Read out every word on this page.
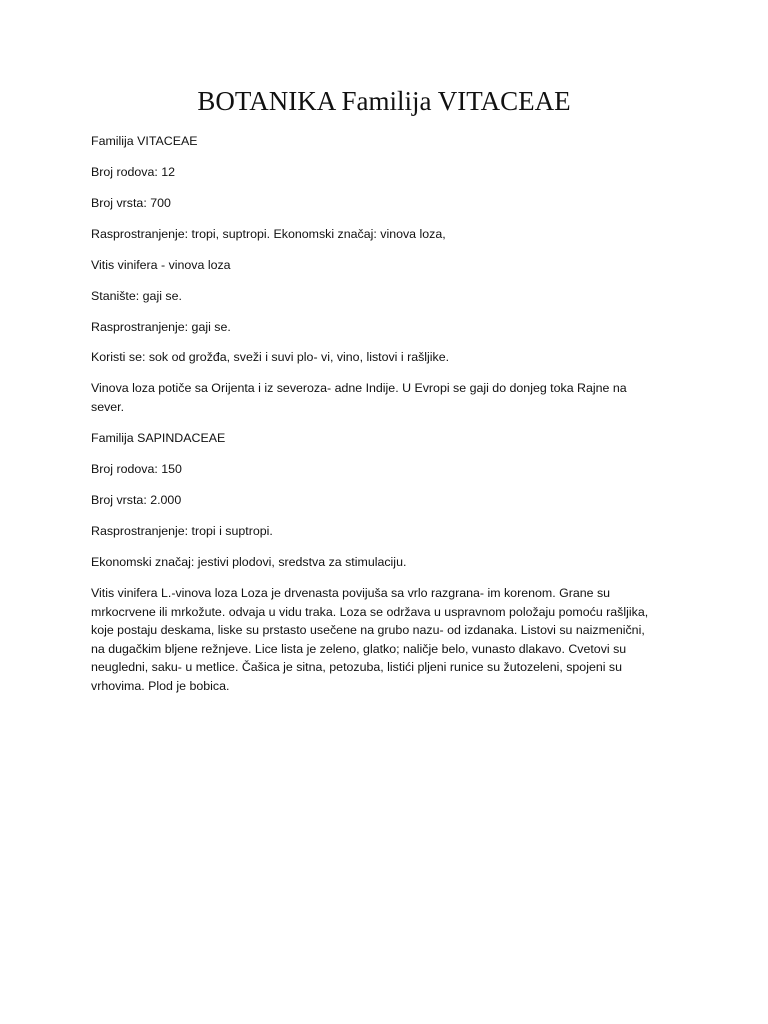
BOTANIKA Familija VITACEAE

Familija VITACEAE

Broj rodova: 12

Broj vrsta: 700

Rasprostranjenje: tropi, suptropi. Ekonomski značaj: vinova loza,

Vitis vinifera - vinova loza

Stanište: gaji se.

Rasprostranjenje: gaji se.

Koristi se: sok od grožđa, sveži i suvi plo- vi, vino, listovi i rašljike.

Vinova loza potiče sa Orijenta i iz severoza- adne Indije. U Evropi se gaji do donjeg toka Rajne na
sever.

Familija SAPINDACEAE

Broj rodova: 150

Broj vrsta: 2.000

Rasprostranjenje: tropi i suptropi.

Ekonomski značaj: jestivi plodovi, sredstva za stimulaciju.

Vitis vinifera L.-vinova loza Loza je drvenasta povijuša sa vrlo razgrana- im korenom. Grane su
mrkocrvene ili mrkožute. odvaja u vidu traka. Loza se održava u uspravnom položaju pomoću rašljika,
koje postaju deskama, liske su prstasto usečene na grubo nazu- od izdanaka. Listovi su naizmenični,
na dugačkim bljene režnjeve. Lice lista je zeleno, glatko; naličje belo, vunasto dlakavo. Cvetovi su
neugledni, saku- u metlice. Čašica je sitna, petozuba, listići pljeni runice su žutozeleni, spojeni su
vrhovima. Plod je bobica.
